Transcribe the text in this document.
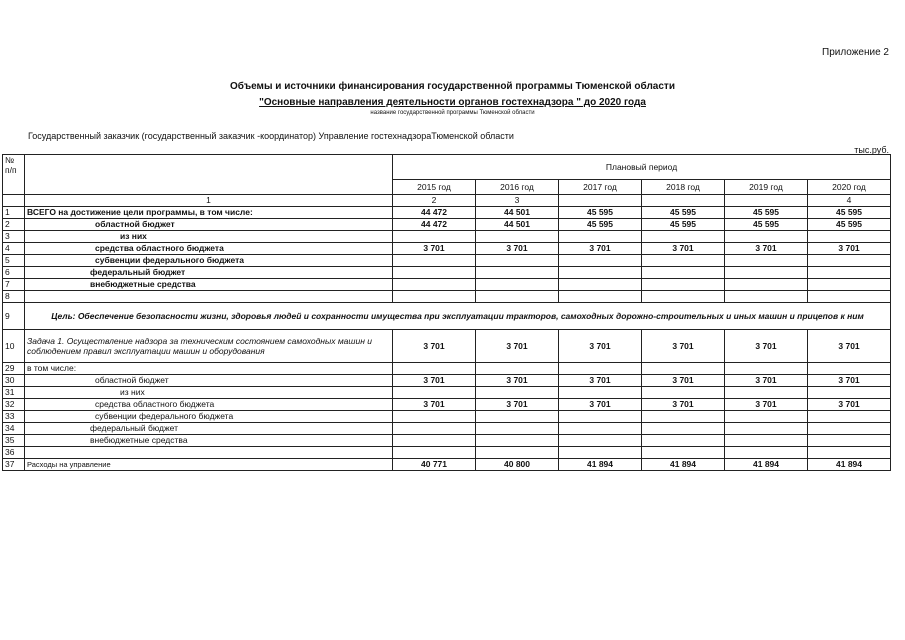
Приложение 2
Объемы и источники финансирования государственной программы Тюменской области
"Основные направления деятельности органов гостехнадзора " до 2020 года
название государственной программы Тюменской области
Государственный заказчик (государственный заказчик -координатор) Управление гостехнадзораТюменской области
тыс.руб.
№ п/п		Плановый период					
		2015 год	2016 год	2017 год	2018 год	2019 год	2020 год
	1	2	3				4
1	ВСЕГО на достижение цели программы, в том числе:	44 472	44 501	45 595	45 595	45 595	45 595
2	областной бюджет	44 472	44 501	45 595	45 595	45 595	45 595
3	из них						
4	средства областного бюджета	3 701	3 701	3 701	3 701	3 701	3 701
5	субвенции федерального бюджета						
6	федеральный бюджет						
7	внебюджетные средства						
8							
9	Цель: Обеспечение безопасности жизни, здоровья людей и сохранности имущества при эксплуатации тракторов, самоходных дорожно-строительных и иных машин и прицепов к ним						
10	Задача 1. Осуществление надзора за техническим состоянием самоходных машин и соблюдением правил эксплуатации машин и оборудования	3 701	3 701	3 701	3 701	3 701	3 701
29	в том числе:						
30	областной бюджет	3 701	3 701	3 701	3 701	3 701	3 701
31	из них						
32	средства областного бюджета	3 701	3 701	3 701	3 701	3 701	3 701
33	субвенции федерального бюджета						
34	федеральный бюджет						
35	внебюджетные средства						
36							
37	Расходы на управление	40 771	40 800	41 894	41 894	41 894	41 894
